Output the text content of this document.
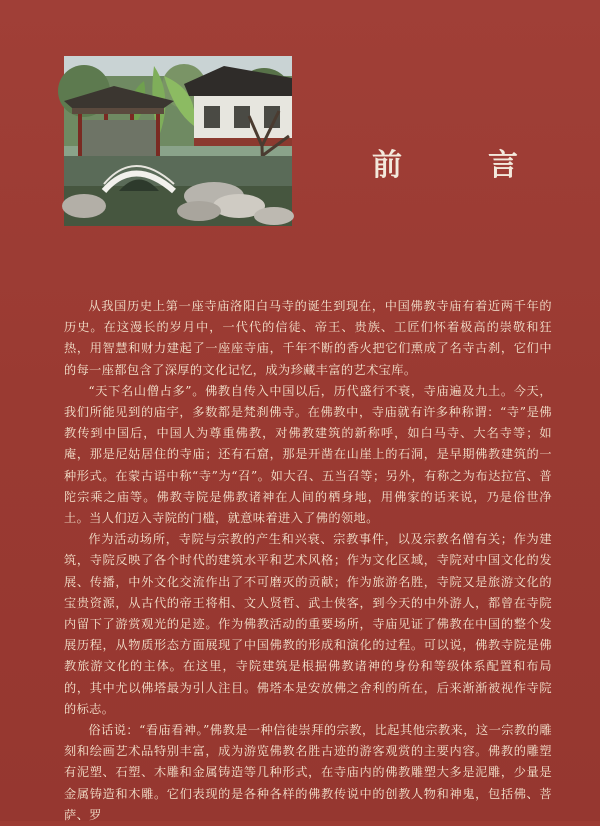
前　言

从我国历史上第一座寺庙洛阳白马寺的诞生到现在，中国佛教寺庙有着近两千年的历史。在这漫长的岁月中，一代代的信徒、帝王、贵族、工匠们怀着极高的崇敬和狂热，用智慧和财力建起了一座座寺庙，千年不断的香火把它们熏成了名寺古刹，它们中的每一座都包含了深厚的文化记忆，成为珍藏丰富的艺术宝库。

“天下名山僧占多”。佛教自传入中国以后，历代盛行不衰，寺庙遍及九土。今天，我们所能见到的庙宇，多数都是梵刹佛寺。在佛教中，寺庙就有许多种称谓：“寺”是佛教传到中国后，中国人为尊重佛教，对佛教建筑的新称呼，如白马寺、大名寺等；如庵，那是尼姑居住的寺庙；还有石窟，那是开凿在山崖上的石洞，是早期佛教建筑的一种形式。在蒙古语中称“寺”为“召”。如大召、五当召等；另外，有称之为布达拉宫、普陀宗乘之庙等。佛教寺院是佛教诸神在人间的栖身地，用佛家的话来说，乃是俗世净土。当人们迈入寺院的门槛，就意味着进入了佛的领地。

作为活动场所，寺院与宗教的产生和兴衰、宗教事件，以及宗教名僧有关；作为建筑，寺院反映了各个时代的建筑水平和艺术风格；作为文化区域，寺院对中国文化的发展、传播，中外文化交流作出了不可磨灭的贡献；作为旅游名胜，寺院又是旅游文化的宝贵资源，从古代的帝王将相、文人贤哲、武士侠客，到今天的中外游人，都曾在寺院内留下了游赏观光的足迹。作为佛教活动的重要场所，寺庙见证了佛教在中国的整个发展历程，从物质形态方面展现了中国佛教的形成和演化的过程。可以说，佛教寺院是佛教旅游文化的主体。在这里，寺院建筑是根据佛教诸神的身份和等级体系配置和布局的，其中尤以佛塔最为引人注目。佛塔本是安放佛之舍利的所在，后来渐渐被视作寺院的标志。

俗话说：“看庙看神。”佛教是一种信徒崇拜的宗教，比起其他宗教来，这一宗教的雕刻和绘画艺术品特别丰富，成为游览佛教名胜古迹的游客观赏的主要内容。佛教的雕塑有泥塑、石塑、木雕和金属铸造等几种形式，在寺庙内的佛教雕塑大多是泥雕，少量是金属铸造和木雕。它们表现的是各种各样的佛教传说中的创教人物和神鬼，包括佛、菩萨、罗
